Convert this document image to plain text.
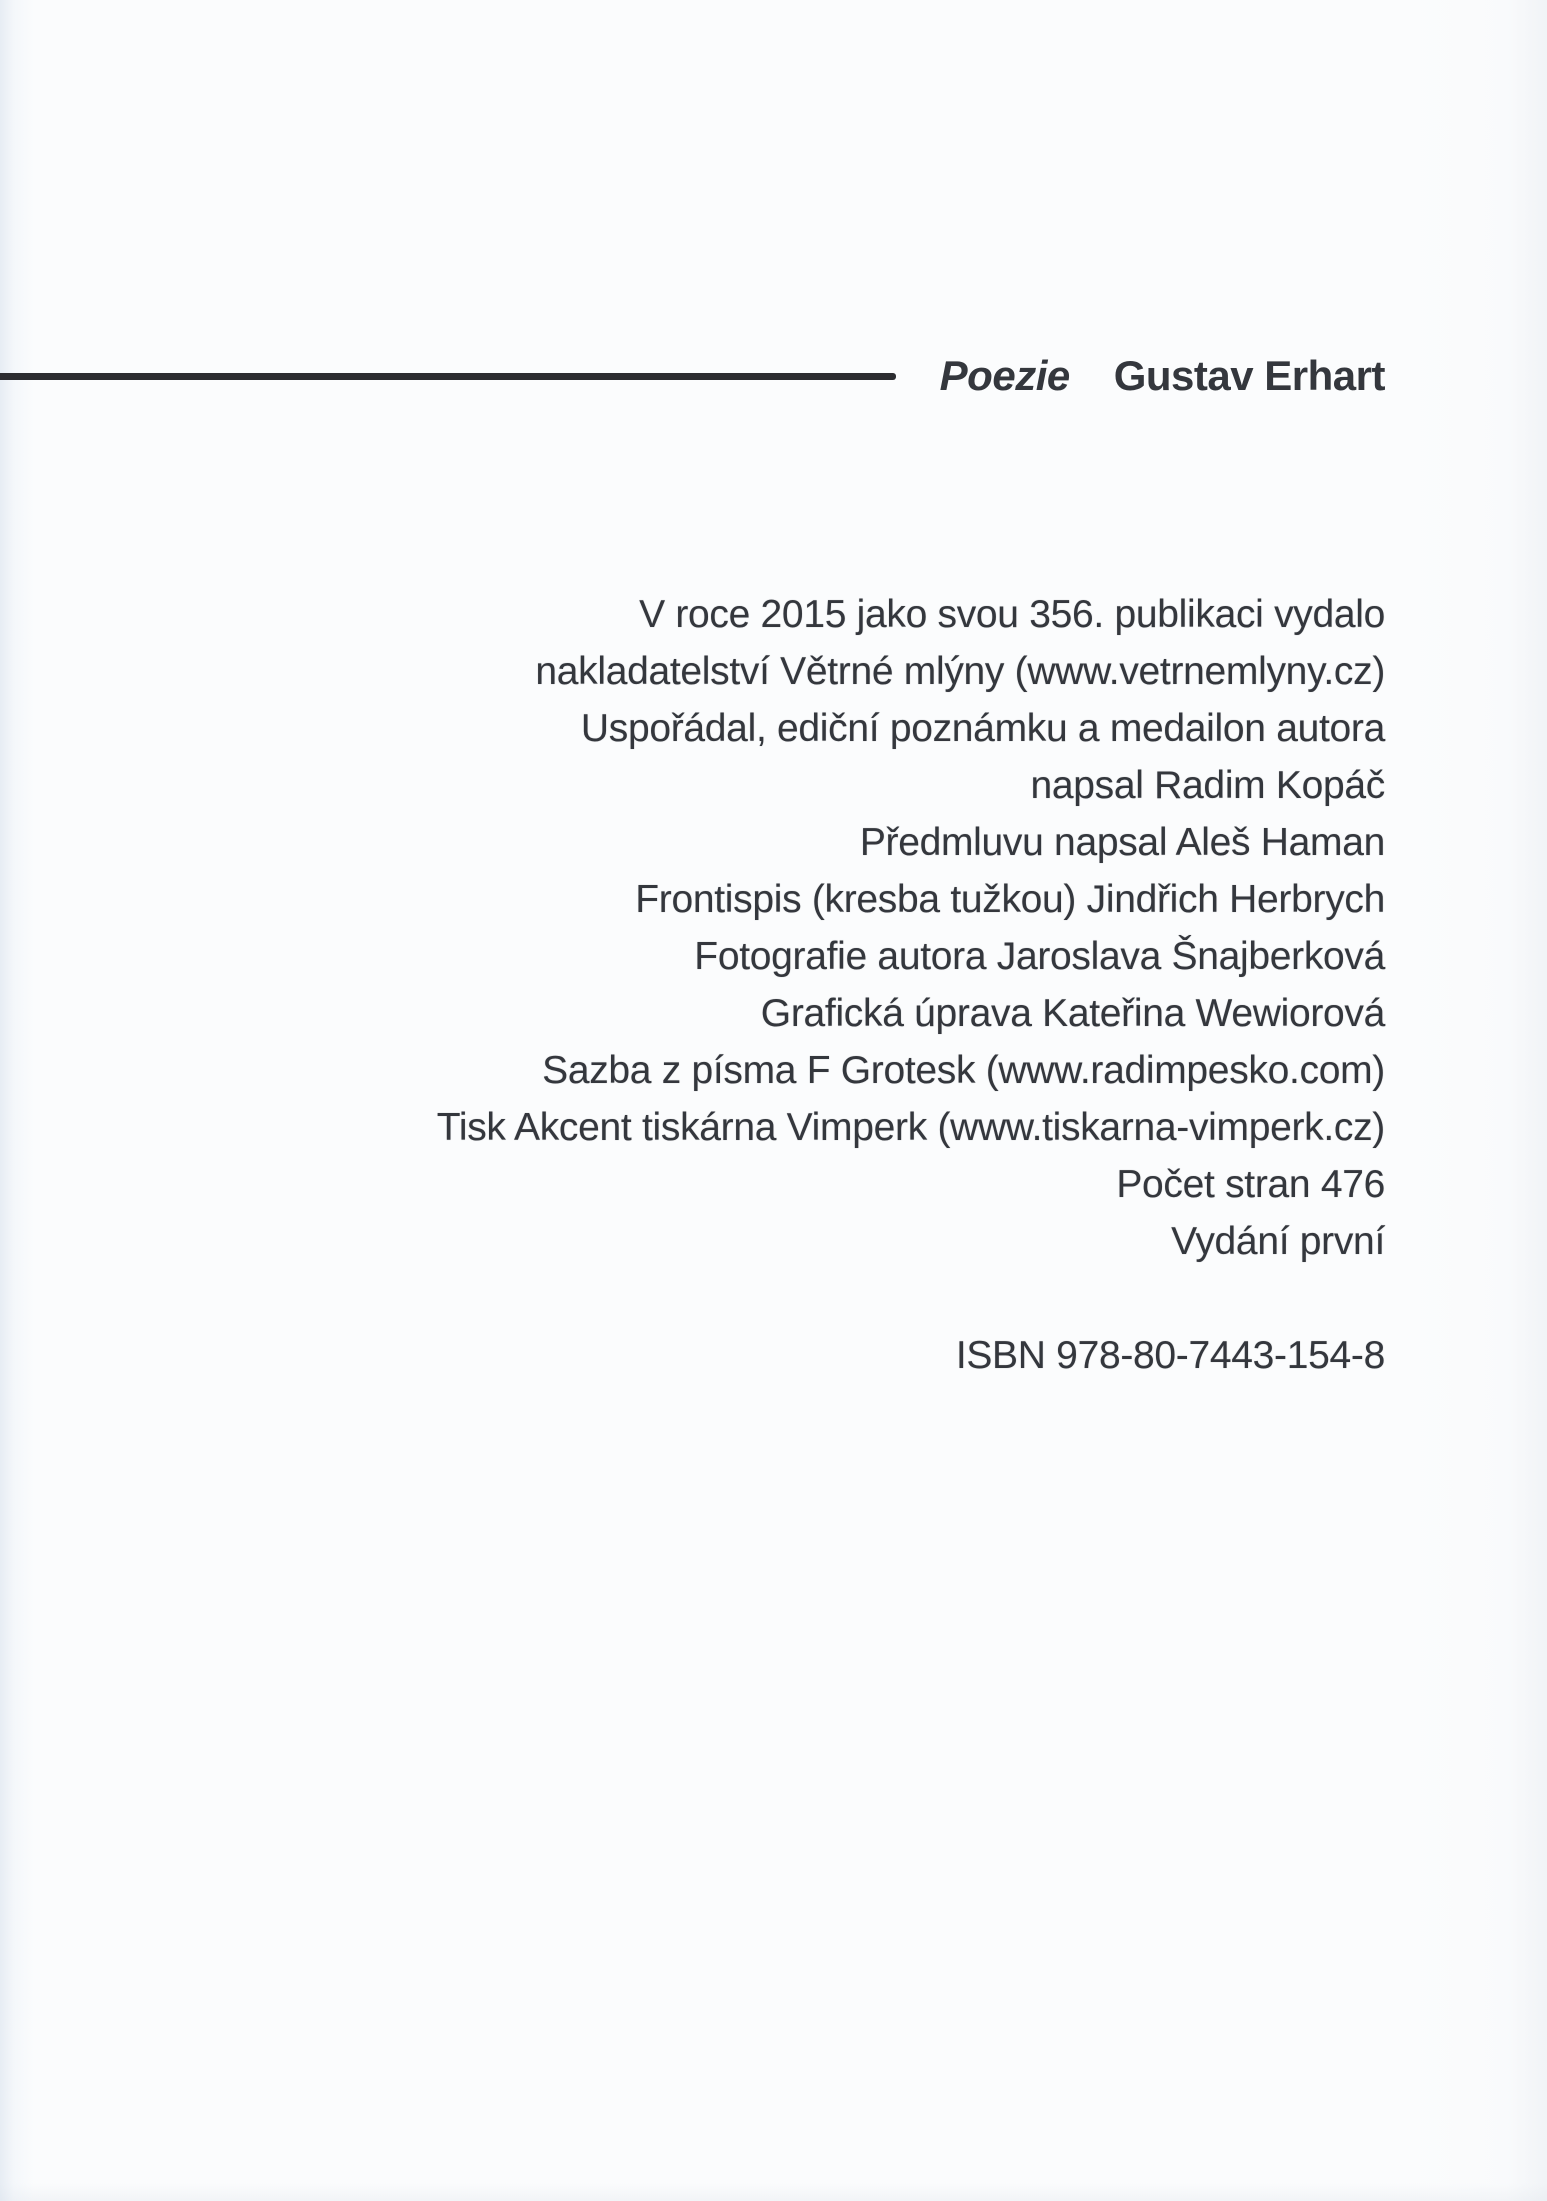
Poezie Gustav Erhart
V roce 2015 jako svou 356. publikaci vydalo
nakladatelství Větrné mlýny (www.vetrnemlyny.cz)
Uspořádal, ediční poznámku a medailon autora
napsal Radim Kopáč
Předmluvu napsal Aleš Haman
Frontispis (kresba tužkou) Jindřich Herbrych
Fotografie autora Jaroslava Šnajberková
Grafická úprava Kateřina Wewiorová
Sazba z písma F Grotesk (www.radimpesko.com)
Tisk Akcent tiskárna Vimperk (www.tiskarna-vimperk.cz)
Počet stran 476
Vydání první
ISBN 978-80-7443-154-8
